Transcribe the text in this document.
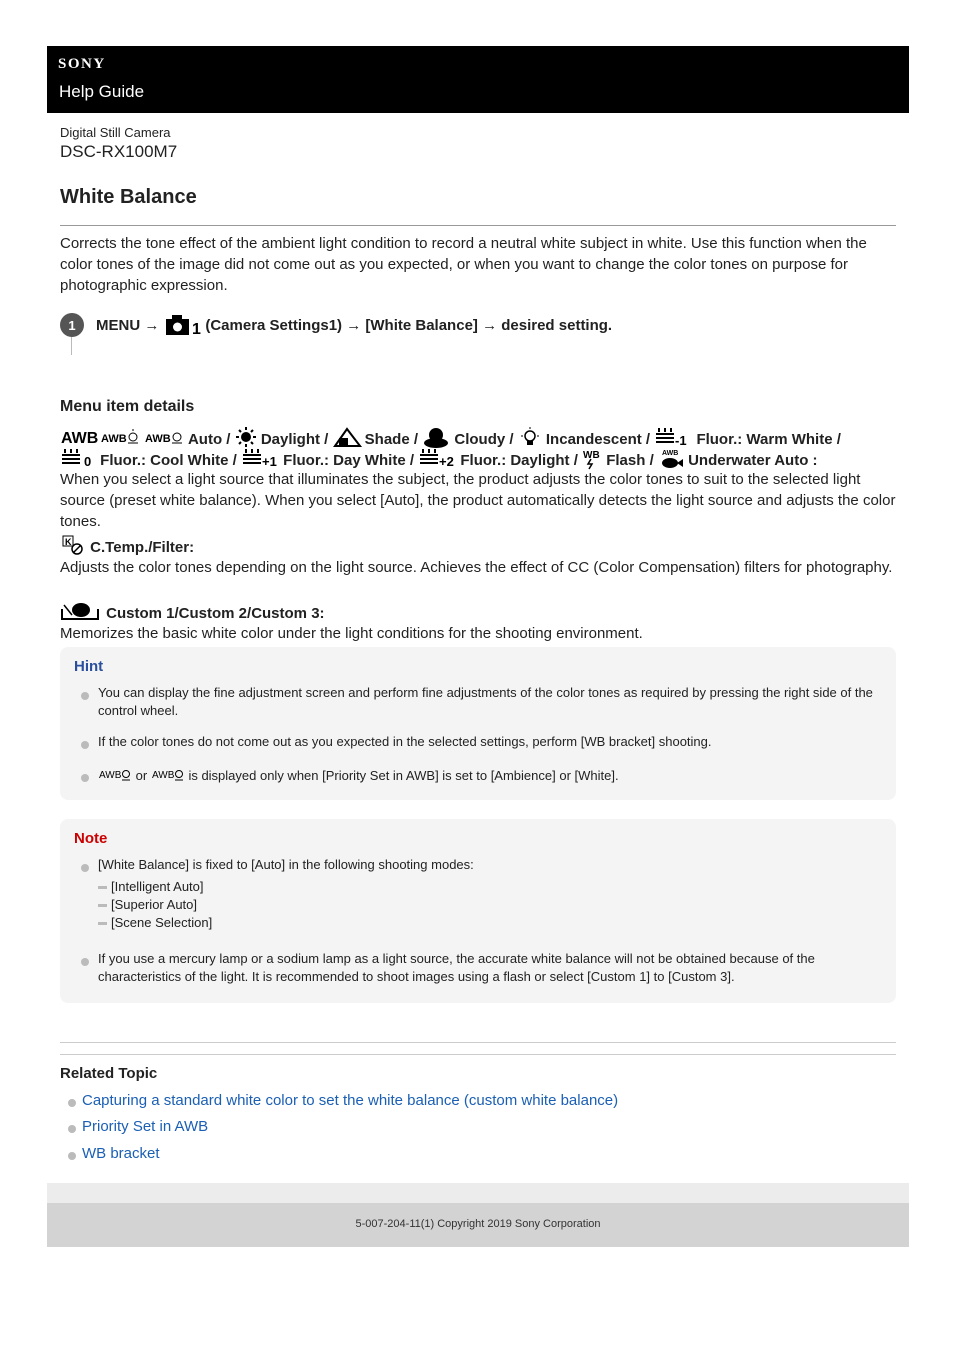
SONY
Help Guide
Digital Still Camera
DSC-RX100M7
White Balance
Corrects the tone effect of the ambient light condition to record a neutral white subject in white. Use this function when the color tones of the image did not come out as you expected, or when you want to change the color tones on purpose for photographic expression.
1	MENU → 1 (Camera Settings1) → [White Balance] → desired setting.
Menu item details
AWB
AWB
AWB Auto / Daylight / Shade / Cloudy / Incandescent / -1 Fluor.: Warm White /
0 Fluor.: Cool White / +1 Fluor.: Day White / +2 Fluor.: Daylight / WB Flash / AWB Underwater Auto :
When you select a light source that illuminates the subject, the product adjusts the color tones to suit to the selected light source (preset white balance). When you select [Auto], the product automatically detects the light source and adjusts the color tones.
K C.Temp./Filter:
Adjusts the color tones depending on the light source. Achieves the effect of CC (Color Compensation) filters for photography.
Custom 1/Custom 2/Custom 3:
Memorizes the basic white color under the light conditions for the shooting environment.
Hint
You can display the fine adjustment screen and perform fine adjustments of the color tones as required by pressing the right side of the control wheel.
If the color tones do not come out as you expected in the selected settings, perform [WB bracket] shooting.
AWB or AWB is displayed only when [Priority Set in AWB] is set to [Ambience] or [White].
Note
[White Balance] is fixed to [Auto] in the following shooting modes:
[Intelligent Auto]
[Superior Auto]
[Scene Selection]
If you use a mercury lamp or a sodium lamp as a light source, the accurate white balance will not be obtained because of the characteristics of the light. It is recommended to shoot images using a flash or select [Custom 1] to [Custom 3].
Related Topic
Capturing a standard white color to set the white balance (custom white balance)
Priority Set in AWB
WB bracket
5-007-204-11(1) Copyright 2019 Sony Corporation
